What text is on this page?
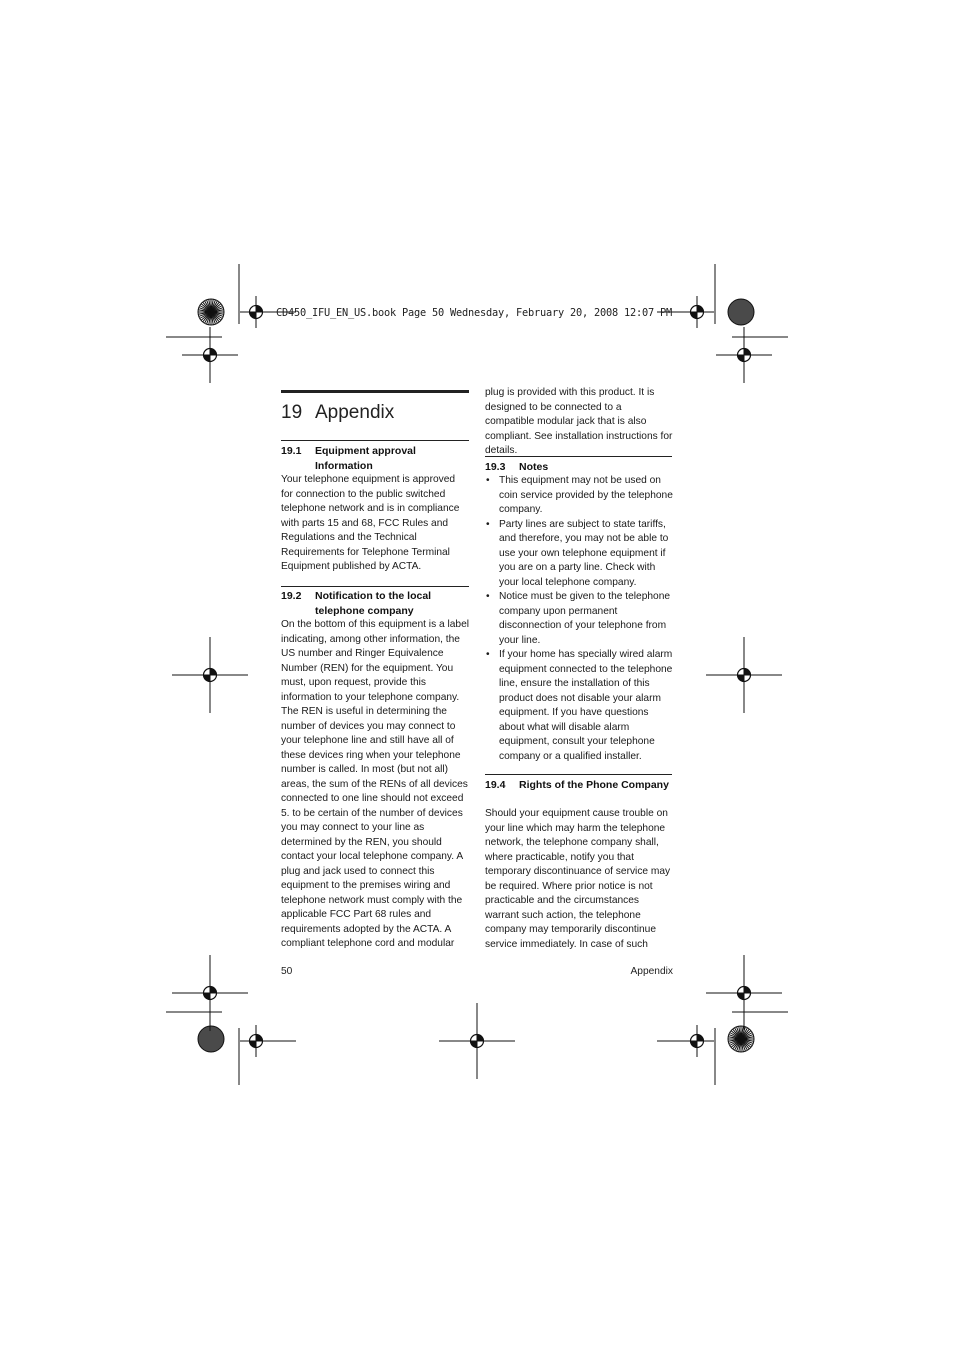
CD450_IFU_EN_US.book Page 50 Wednesday, February 20, 2008 12:07 PM
19 Appendix
19.1 Equipment approval Information

Your telephone equipment is approved for connection to the public switched telephone network and is in compliance with parts 15 and 68, FCC Rules and Regulations and the Technical Requirements for Telephone Terminal Equipment published by ACTA.

19.2 Notification to the local telephone company

On the bottom of this equipment is a label indicating, among other information, the US number and Ringer Equivalence Number (REN) for the equipment. You must, upon request, provide this information to your telephone company. The REN is useful in determining the number of devices you may connect to your telephone line and still have all of these devices ring when your telephone number is called. In most (but not all) areas, the sum of the RENs of all devices connected to one line should not exceed 5. to be certain of the number of devices you may connect to your line as determined by the REN, you should contact your local telephone company. A plug and jack used to connect this equipment to the premises wiring and telephone network must comply with the applicable FCC Part 68 rules and requirements adopted by the ACTA. A compliant telephone cord and modular

plug is provided with this product. It is designed to be connected to a compatible modular jack that is also compliant. See installation instructions for details.

19.3 Notes
• This equipment may not be used on coin service provided by the telephone company.
• Party lines are subject to state tariffs, and therefore, you may not be able to use your own telephone equipment if you are on a party line. Check with your local telephone company.
• Notice must be given to the telephone company upon permanent disconnection of your telephone from your line.
• If your home has specially wired alarm equipment connected to the telephone line, ensure the installation of this product does not disable your alarm equipment. If you have questions about what will disable alarm equipment, consult your telephone company or a qualified installer.
19.4 Rights of the Phone Company

Should your equipment cause trouble on your line which may harm the telephone network, the telephone company shall, where practicable, notify you that temporary discontinuance of service may be required. Where prior notice is not practicable and the circumstances warrant such action, the telephone company may temporarily discontinue service immediately. In case of such

50	Appendix
